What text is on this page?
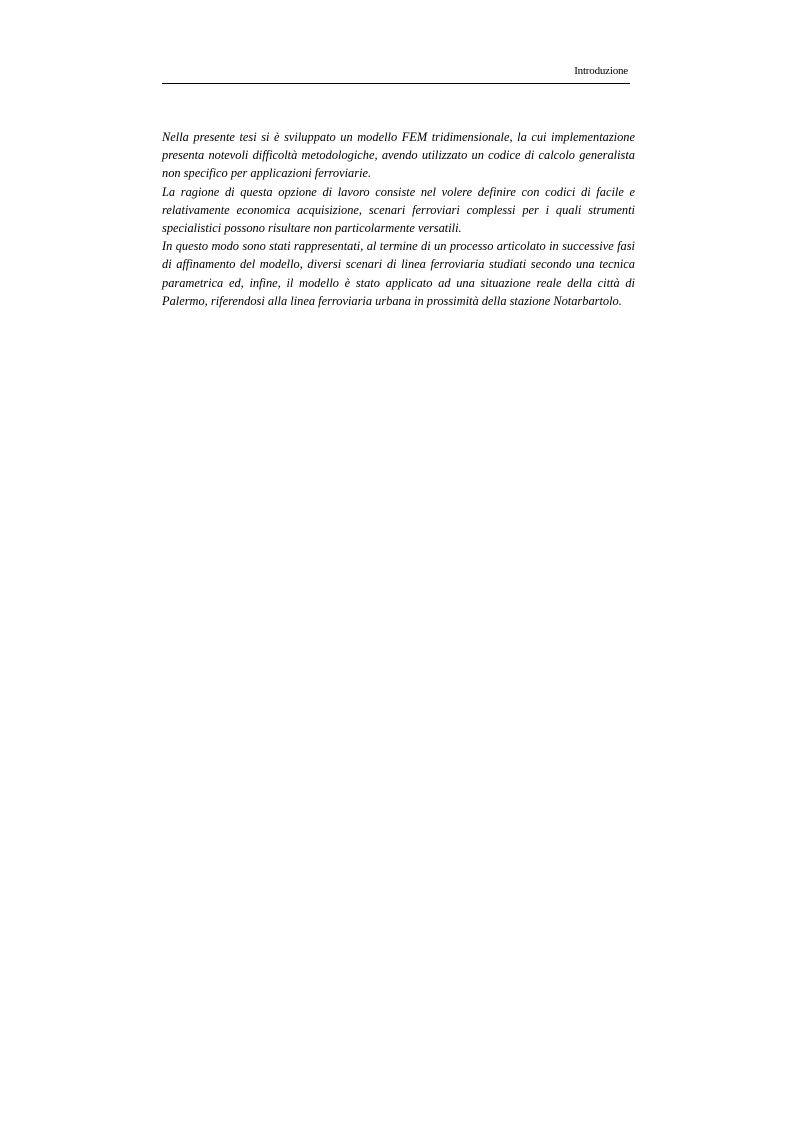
Introduzione

Nella presente tesi si è sviluppato un modello FEM tridimensionale, la cui implementazione presenta notevoli difficoltà metodologiche, avendo utilizzato un codice di calcolo generalista non specifico per applicazioni ferroviarie.

La ragione di questa opzione di lavoro consiste nel volere definire con codici di facile e relativamente economica acquisizione, scenari ferroviari complessi per i quali strumenti specialistici possono risultare non particolarmente versatili.

In questo modo sono stati rappresentati, al termine di un processo articolato in successive fasi di affinamento del modello, diversi scenari di linea ferroviaria studiati secondo una tecnica parametrica ed, infine, il modello è stato applicato ad una situazione reale della città di Palermo, riferendosi alla linea ferroviaria urbana in prossimità della stazione Notarbartolo.
